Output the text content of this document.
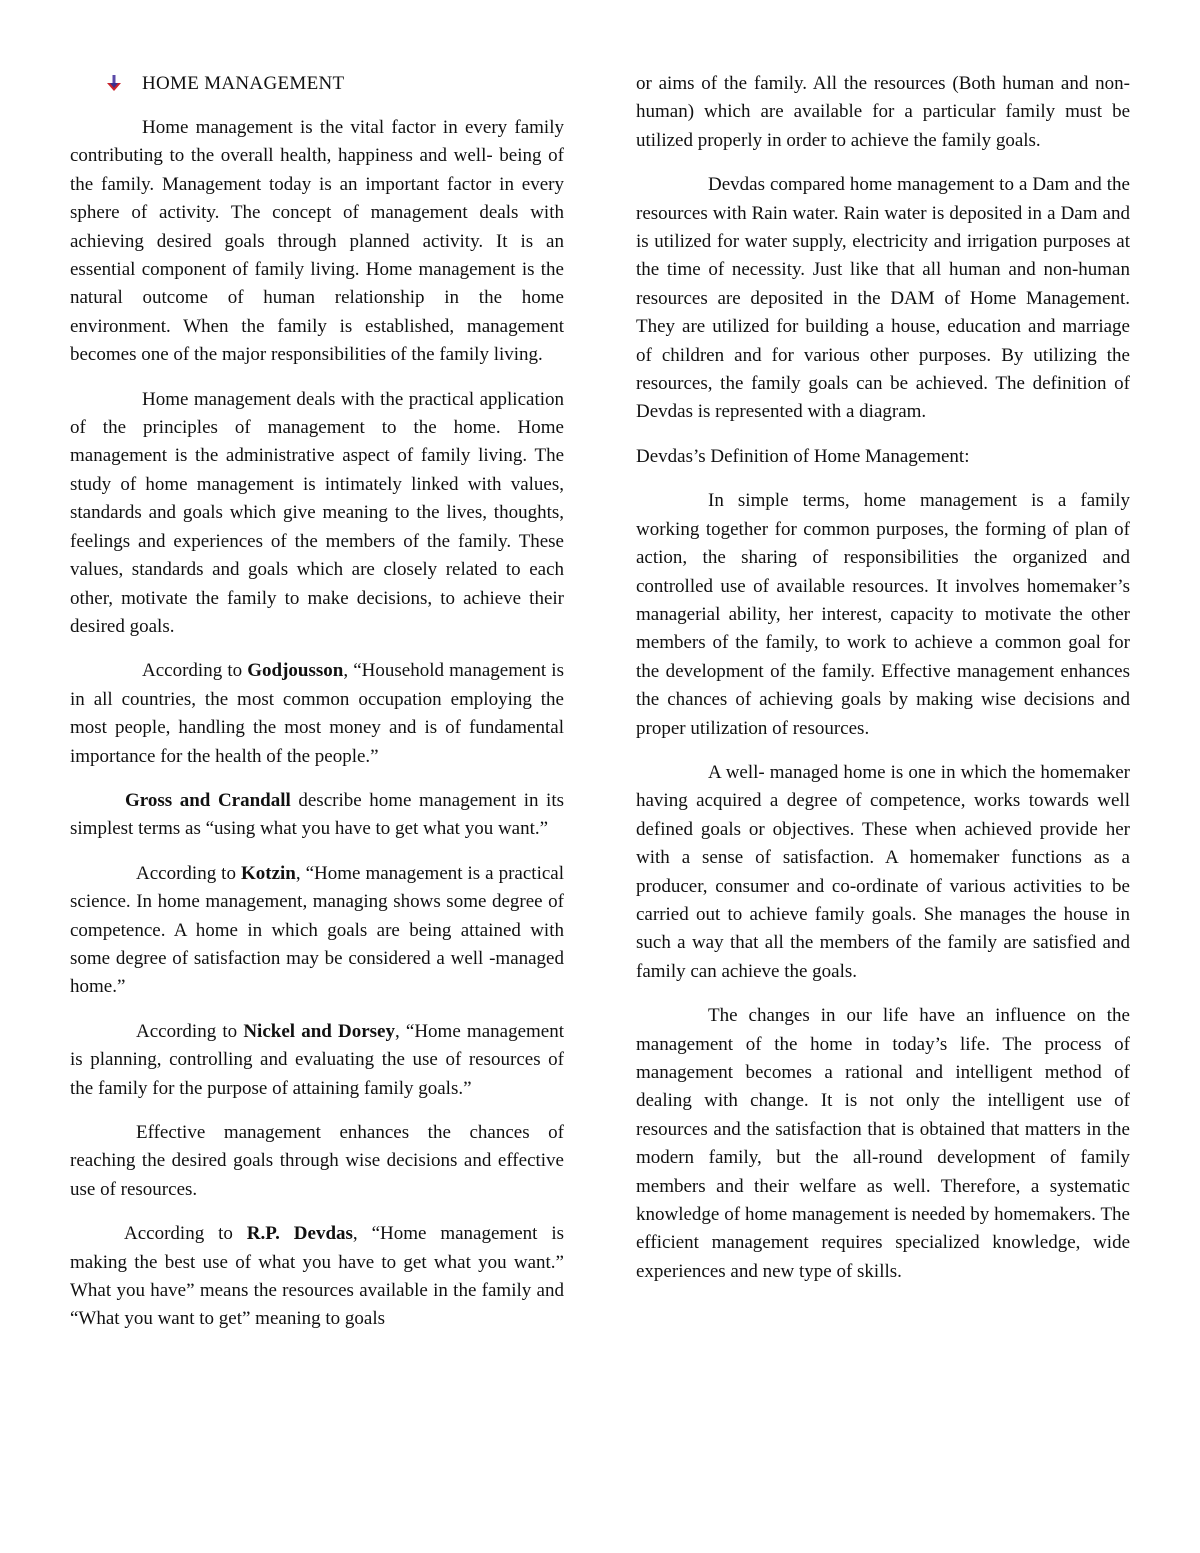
HOME MANAGEMENT

Home management is the vital factor in every family contributing to the overall health, happiness and well- being of the family. Management today is an important factor in every sphere of activity. The concept of management deals with achieving desired goals through planned activity. It is an essential component of family living. Home management is the natural outcome of human relationship in the home environment. When the family is established, management becomes one of the major responsibilities of the family living.

Home management deals with the practical application of the principles of management to the home. Home management is the administrative aspect of family living. The study of home management is intimately linked with values, standards and goals which give meaning to the lives, thoughts, feelings and experiences of the members of the family. These values, standards and goals which are closely related to each other, motivate the family to make decisions, to achieve their desired goals.

According to Godjousson, “Household management is in all countries, the most common occupation employing the most people, handling the most money and is of fundamental importance for the health of the people.”

Gross and Crandall describe home management in its simplest terms as “using what you have to get what you want.”

According to Kotzin, “Home management is a practical science. In home management, managing shows some degree of competence. A home in which goals are being attained with some degree of satisfaction may be considered a well -managed home.”

According to Nickel and Dorsey, “Home management is planning, controlling and evaluating the use of resources of the family for the purpose of attaining family goals.”

Effective management enhances the chances of reaching the desired goals through wise decisions and effective use of resources.

According to R.P. Devdas, “Home management is making the best use of what you have to get what you want.” What you have” means the resources available in the family and “What you want to get” meaning to goals

or aims of the family. All the resources (Both human and non-human) which are available for a particular family must be utilized properly in order to achieve the family goals.

Devdas compared home management to a Dam and the resources with Rain water. Rain water is deposited in a Dam and is utilized for water supply, electricity and irrigation purposes at the time of necessity. Just like that all human and non-human resources are deposited in the DAM of Home Management. They are utilized for building a house, education and marriage of children and for various other purposes. By utilizing the resources, the family goals can be achieved. The definition of Devdas is represented with a diagram.

Devdas’s Definition of Home Management:

In simple terms, home management is a family working together for common purposes, the forming of plan of action, the sharing of responsibilities the organized and controlled use of available resources. It involves homemaker’s managerial ability, her interest, capacity to motivate the other members of the family, to work to achieve a common goal for the development of the family. Effective management enhances the chances of achieving goals by making wise decisions and proper utilization of resources.

A well- managed home is one in which the homemaker having acquired a degree of competence, works towards well defined goals or objectives. These when achieved provide her with a sense of satisfaction. A homemaker functions as a producer, consumer and co-ordinate of various activities to be carried out to achieve family goals. She manages the house in such a way that all the members of the family are satisfied and family can achieve the goals.

The changes in our life have an influence on the management of the home in today’s life. The process of management becomes a rational and intelligent method of dealing with change. It is not only the intelligent use of resources and the satisfaction that is obtained that matters in the modern family, but the all-round development of family members and their welfare as well. Therefore, a systematic knowledge of home management is needed by homemakers. The efficient management requires specialized knowledge, wide experiences and new type of skills.
